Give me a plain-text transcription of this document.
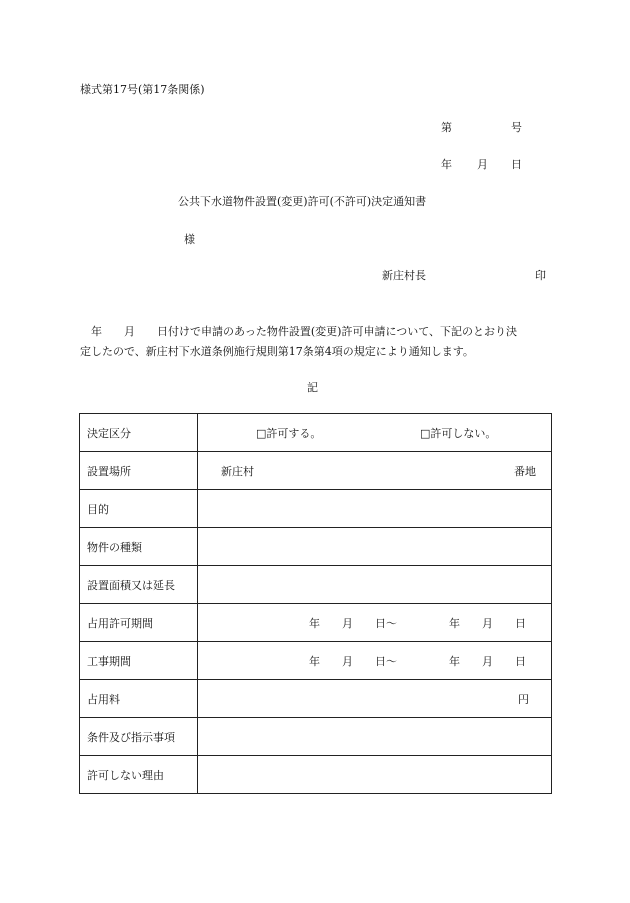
様式第17号(第17条関係)
第	号
年 月 日
公共下水道物件設置(変更)許可(不許可)決定通知書
様
新庄村長	印
年　　月　　日付けで申請のあった物件設置(変更)許可申請について、下記のとおり決
定したので、新庄村下水道条例施行規則第17条第4項の規定により通知します。
記
決定区分	□許可する。 □許可しない。

設置場所	新庄村 番地

目的	
物件の種類	
設置面積又は延長	
占用許可期間	年　　月　　日～ 年　　月　　日

工事期間	年　　月　　日～ 年　　月　　日

占用料	円

条件及び指示事項	
許可しない理由	
